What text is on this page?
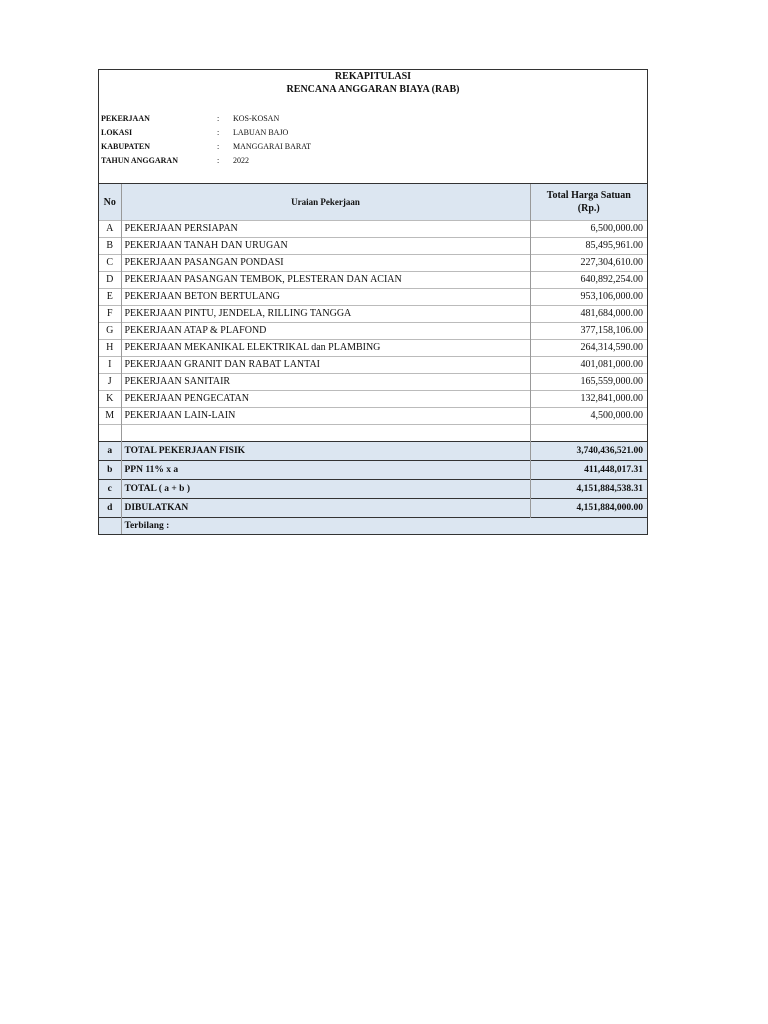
REKAPITULASI
RENCANA ANGGARAN BIAYA (RAB)
PEKERJAAN	:	KOS-KOSAN
LOKASI	:	LABUAN BAJO
KABUPATEN	:	MANGGARAI BARAT
TAHUN ANGGARAN	:	2022
No	Uraian Pekerjaan	Total Harga Satuan
(Rp.)
A	PEKERJAAN PERSIAPAN	6,500,000.00
B	PEKERJAAN TANAH DAN URUGAN	85,495,961.00
C	PEKERJAAN PASANGAN PONDASI	227,304,610.00
D	PEKERJAAN PASANGAN TEMBOK, PLESTERAN DAN ACIAN	640,892,254.00
E	PEKERJAAN BETON BERTULANG	953,106,000.00
F	PEKERJAAN PINTU, JENDELA, RILLING TANGGA	481,684,000.00
G	PEKERJAAN ATAP & PLAFOND	377,158,106.00
H	PEKERJAAN MEKANIKAL ELEKTRIKAL dan PLAMBING	264,314,590.00
I	PEKERJAAN GRANIT DAN RABAT LANTAI	401,081,000.00
J	PEKERJAAN SANITAIR	165,559,000.00
K	PEKERJAAN PENGECATAN	132,841,000.00
M	PEKERJAAN LAIN-LAIN	4,500,000.00

a	TOTAL PEKERJAAN FISIK	3,740,436,521.00
b	PPN 11% x a	411,448,017.31
c	TOTAL ( a + b )	4,151,884,538.31
d	DIBULATKAN	4,151,884,000.00
	Terbilang :	
